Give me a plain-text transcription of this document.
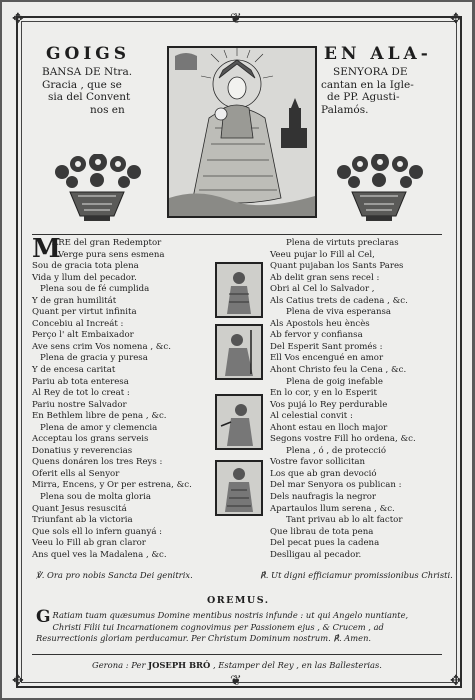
✥	✥
✥	✥
❦
❦
GOIGS	EN ALA-
BANSA DE Ntra.
Gracia , que se
sia del Convent
nos en
SENYORA DE
cantan en la Igle-
de PP. Agusti-
Palamós.
M
ARE del gran Redemptor
Verge pura sens esmena
Sou de gracia tota plena
Vida y llum del pecador.
Plena sou de fé cumplida
Y de gran humilitát
Quant per virtut infinita
Concebiu al Increát :
Perço l' alt Embaixador
Ave sens crim Vos nomena , &c.
Plena de gracia y puresa
Y de encesa caritat
Pariu ab tota enteresa
Al Rey de tot lo creat :
Pariu nostre Salvador
En Bethlem libre de pena , &c.
Plena de amor y clemencia
Acceptau los grans serveis
Donatius y reverencias
Quens donáren los tres Reys :
Oferit ells al Senyor
Mirra, Encens, y Or per estrena, &c.
Plena sou de molta gloria
Quant Jesus resuscitá
Triunfant ab la victoria
Que sols ell lo infern guanyá :
Veeu lo Fill ab gran claror
Ans quel ves la Madalena , &c.
Plena de virtuts preclaras
Veeu pujar lo Fill al Cel,
Quant pujaban los Sants Pares
Ab delit gran sens recel :
Obri al Cel lo Salvador ,
Als Catius trets de cadena , &c.
Plena de viva esperansa
Als Apostols heu èncès
Ab fervor y confiansa
Del Esperit Sant promés :
Ell Vos encengué en amor
Ahont Christo feu la Cena , &c.
Plena de goig inefable
En lo cor, y en lo Esperit
Vos pujá lo Rey perdurable
Al celestial convit :
Ahont estau en lloch major
Segons vostre Fill ho ordena, &c.
Plena , ó , de protecció
Vostre favor sollicitan
Los que ab gran devoció
Del mar Senyora os publican :
Dels naufragis la negror
Apartaulos llum serena , &c.
Tant privau ab lo alt factor
Que librau de tota pena
Del pecat pues la cadena
Deslligau al pecador.
℣. Ora pro nobis Sancta Dei genitrix.	℟. Ut digni efficiamur promissionibus Christi.
OREMUS.
G Ratiam tuam quæsumus Domine mentibus nostris infunde : ut qui Angelo nuntiante, Christi Filii tui Incarnationem cognovimus per Passionem ejus , & Crucem , ad Resurrectionis gloriam perducamur. Per Christum Dominum nostrum. ℟. Amen.
Gerona : Per JOSEPH BRÓ , Estamper del Rey , en las Ballesterias.
